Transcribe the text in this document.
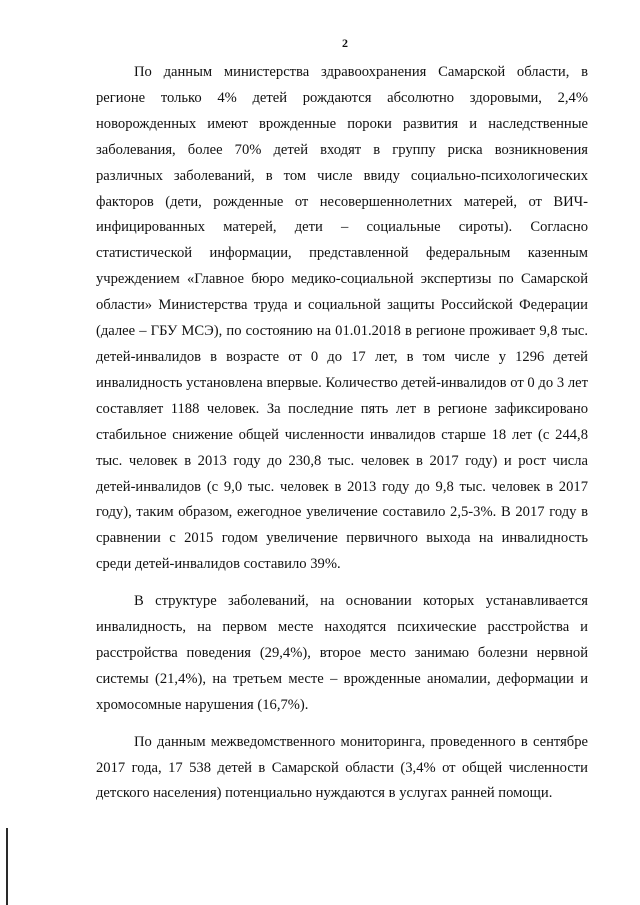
2

По данным министерства здравоохранения Самарской области, в регионе только 4% детей рождаются абсолютно здоровыми, 2,4% новорожденных имеют врожденные пороки развития и наследственные заболевания, более 70% детей входят в группу риска возникновения различных заболеваний, в том числе ввиду социально-психологических факторов (дети, рожденные от несовершеннолетних матерей, от ВИЧ-инфицированных матерей, дети – социальные сироты). Согласно статистической информации, представленной федеральным казенным учреждением «Главное бюро медико-социальной экспертизы по Самарской области» Министерства труда и социальной защиты Российской Федерации (далее – ГБУ МСЭ), по состоянию на 01.01.2018 в регионе проживает 9,8 тыс. детей-инвалидов в возрасте от 0 до 17 лет, в том числе у 1296 детей инвалидность установлена впервые. Количество детей-инвалидов от 0 до 3 лет составляет 1188 человек. За последние пять лет в регионе зафиксировано стабильное снижение общей численности инвалидов старше 18 лет (с 244,8 тыс. человек в 2013 году до 230,8 тыс. человек в 2017 году) и рост числа детей-инвалидов (с 9,0 тыс. человек в 2013 году до 9,8 тыс. человек в 2017 году), таким образом, ежегодное увеличение составило 2,5-3%. В 2017 году в сравнении с 2015 годом увеличение первичного выхода на инвалидность среди детей-инвалидов составило 39%.

В структуре заболеваний, на основании которых устанавливается инвалидность, на первом месте находятся психические расстройства и расстройства поведения (29,4%), второе место занимаю болезни нервной системы (21,4%), на третьем месте – врожденные аномалии, деформации и хромосомные нарушения (16,7%).

По данным межведомственного мониторинга, проведенного в сентябре 2017 года, 17 538 детей в Самарской области (3,4% от общей численности детского населения) потенциально нуждаются в услугах ранней помощи.
